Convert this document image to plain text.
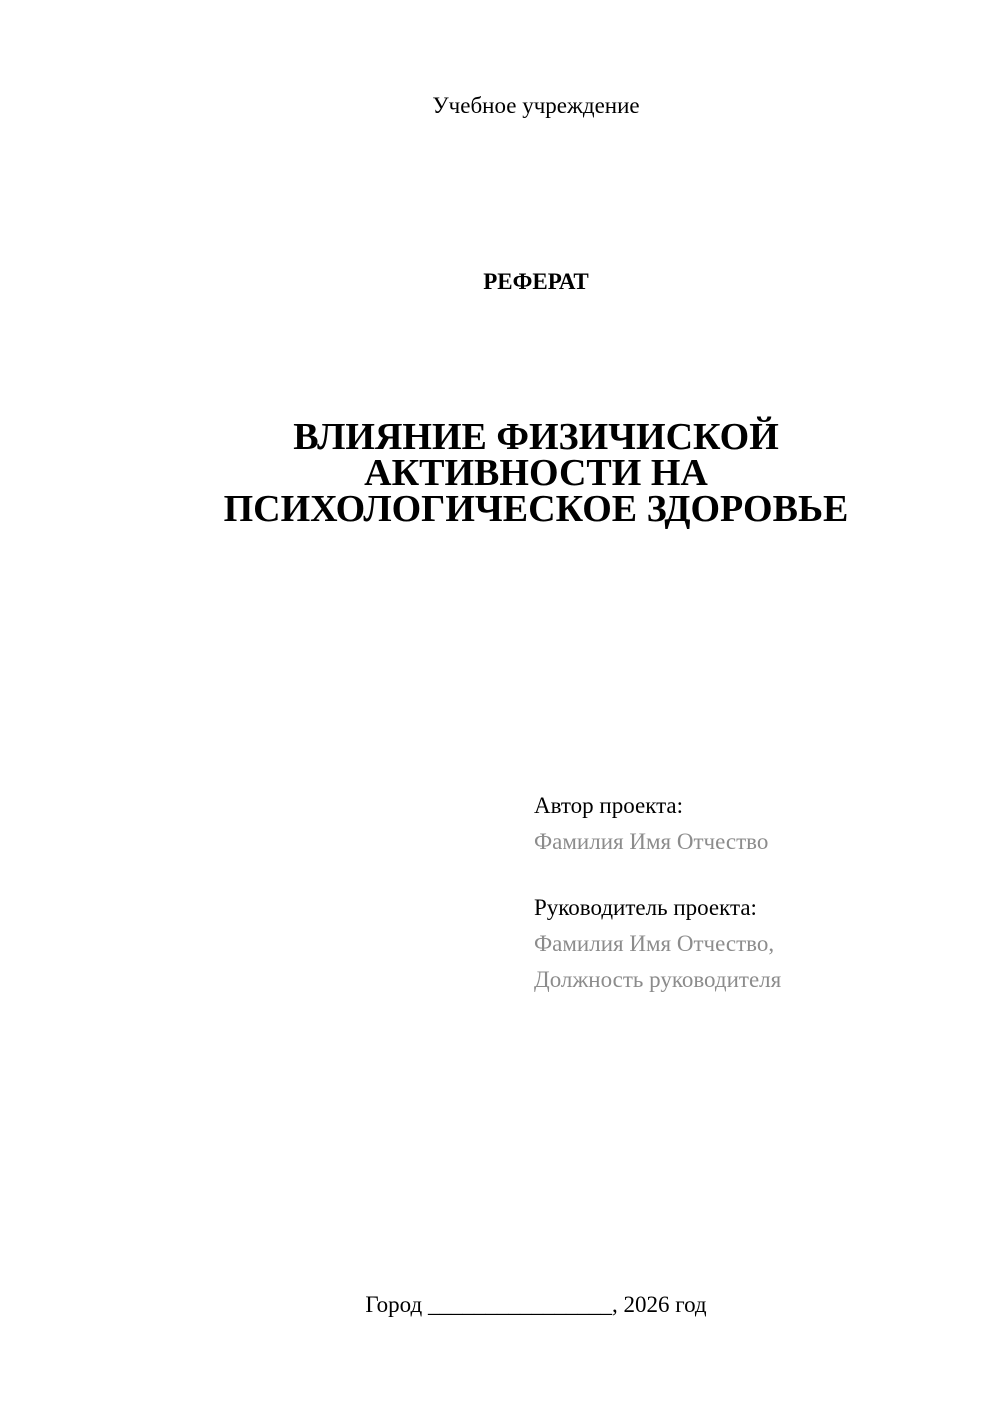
Учебное учреждение
РЕФЕРАТ
ВЛИЯНИЕ ФИЗИЧИСКОЙ
АКТИВНОСТИ НА
ПСИХОЛОГИЧЕСКОЕ ЗДОРОВЬЕ
Автор проекта:
Фамилия Имя Отчество
Руководитель проекта:
Фамилия Имя Отчество,
Должность руководителя
Город ________________, 2026 год
